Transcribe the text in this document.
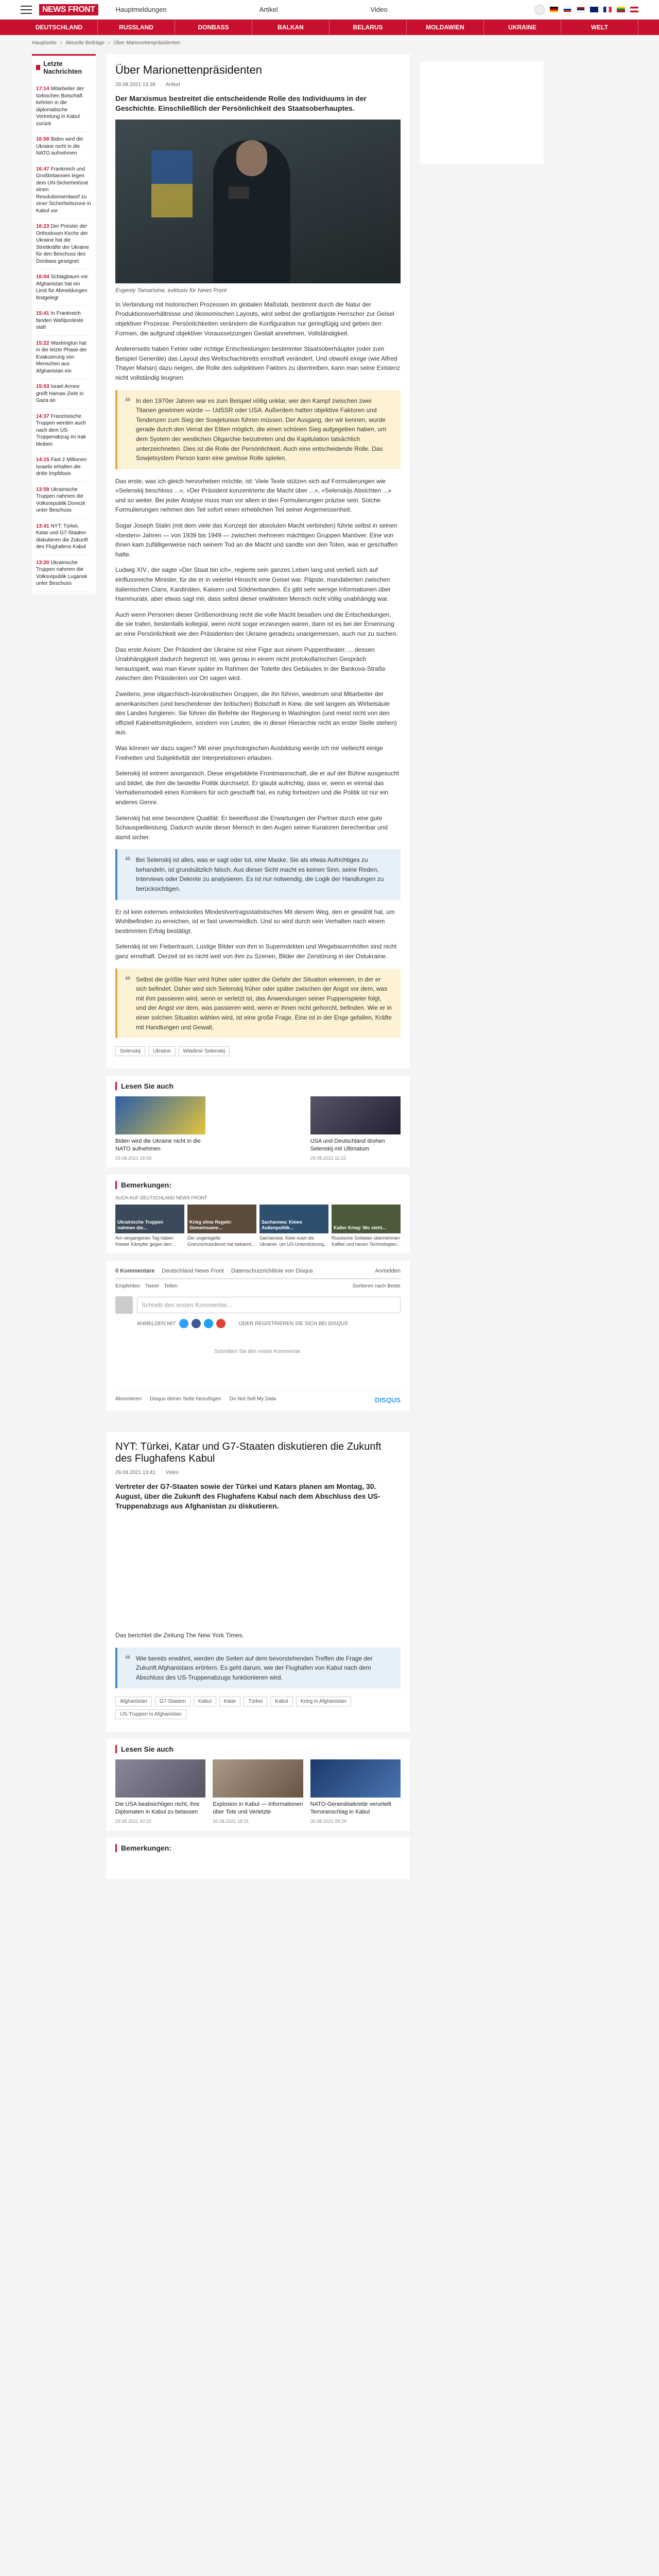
NEWS FRONT	Hauptmeldungen	Artikel	Video
DEUTSCHLAND	RUSSLAND	DONBASS	BALKAN	BELARUS	MOLDAWIEN	UKRAINE	WELT
Hauptseite » Aktuelle Beiträge » Über Marionettenpräsidenten
Letzte Nachrichten
17:14 Mitarbeiter der türkischen Botschaft kehrten in die diplomatische Vertretung in Kabul zurück
16:58 Biden wird die Ukraine nicht in die NATO aufnehmen
16:47 Frankreich und Großbritannien legen dem UN-Sicherheitsrat einen Resolutionsentwurf zu einer Sicherheitszone in Kabul vor
16:23 Der Priester der Orthodoxen Kirche der Ukraine hat die Streitkräfte der Ukraine für den Beschuss des Donbass gesegnet
16:04 Schlagbaum vor Afghanistan hat ein Limit für Abmeldungen festgelegt
15:41 In Frankreich fanden Wahlproteste statt
15:22 Washington hat in die letzte Phase der Evakuierung von Menschen aus Afghanistan ein
15:03 Israel Armee greift Hamas-Ziele in Gaza an
14:37 Französische Truppen werden auch nach dem US-Truppenabzug im Irak bleiben
14:15 Fast 2 Millionen Israelis erhalten die dritte Impfdosis
13:59 Ukrainische Truppen nahmen die Volksrepublik Donezk unter Beschuss
13:41 NYT: Türkei, Katar und G7-Staaten diskutieren die Zukunft des Flughafens Kabul
13:20 Ukrainische Truppen nahmen die Volksrepublik Lugansk unter Beschuss
Über Marionettenpräsidenten
29.08.2021 13:39 Artikel
Der Marxismus bestreitet die entscheidende Rolle des Individuums in der Geschichte. Einschließlich der Persönlichkeit des Staatsoberhauptes.
Evgeniy Tamarisine, exklusiv für News Front

In Verbindung mit historischen Prozessen im globalen Maßstab, bestimmt durch die Natur der Produktionsverhältnisse und ökonomischen Layouts, wird selbst der großartigste Herrscher zur Geisel objektiver Prozesse. Persönlichkeiten verändern die Konfiguration nur geringfügig und geben den Formen, die aufgrund objektiver Voraussetzungen Gestalt annehmen, Vollständigkeit.

Andererseits haben Fehler oder richtige Entscheidungen bestimmter Staatsoberhäupter (oder zum Beispiel Generäle) das Layout des Weltschachbretts ernsthaft verändert. Und obwohl einige (wie Alfred Thayer Mahan) dazu neigen, die Rolle des subjektiven Faktors zu übertreiben, kann man seine Existenz nicht vollständig leugnen.

❝ In den 1970er Jahren war es zum Beispiel völlig unklar, wer den Kampf zwischen zwei Titanen gewinnen würde — UdSSR oder USA. Außerdem hatten objektive Faktoren und Tendenzen zum Sieg der Sowjetunion führen müssen. Der Ausgang, der wir kennen, wurde gerade durch den Verrat der Eliten möglich, die einen schönen Sieg aufgegeben haben, um dem System der westlichen Oligarchie beizutreten und die Kapitulation tatsächlich unterzeichneten. Dies ist die Rolle der Persönlichkeit. Auch eine entscheidende Rolle. Das Sowjetsystem Person kann eine gewisse Rolle spielen.

Das erste, was ich gleich hervorheben möchte, ist: Viele Texte stützen sich auf Formulierungen wie «Selenskij beschloss ...», «Der Präsident konzentrierte die Macht über ...», «Selenskijs Absichten ...» und so weiter. Bei jeder Analyse muss man vor allem in den Formulierungen präzise sein. Solche Formulierungen nehmen den Teil sofort einen erheblichen Teil seiner Angemessenheit.

Sogar Joseph Stalin (mit dem viele das Konzept der absoluten Macht verbinden) führte selbst in seinen «besten» Jahren — von 1939 bis 1949 — zwischen mehreren mächtigen Gruppen Manöver. Eine von ihnen kam zufälligerweise nach seinem Tod an die Macht und sandte von den Toten, was er geschaffen hatte.

Ludwig XIV., der sagte «Der Staat bin ich», regierte sein ganzes Leben lang und verließ sich auf einflussreiche Minister, für die er in vielerlei Hinsicht eine Geisel war. Päpste, mandatierten zwischen italienischen Clans, Kardinälen, Kaisern und Söldnerbanden. Es gibt sehr wenige Informationen über Hammurabi, aber etwas sagt mir, dass selbst dieser erwähnten Mensch nicht völlig unabhängig war.

Auch wenn Personen dieser Größenordnung nicht die volle Macht besaßen und die Entscheidungen, die sie trafen, bestenfalls kollegial, wenn nicht sogar erzwungen waren, dann ist es bei der Ernennung an eine Persönlichkeit wie den Präsidenten der Ukraine geradezu unangemessen, auch nur zu suchen.

Das erste Axiom: Der Präsident der Ukraine ist eine Figur aus einem Puppentheater, ... dessen Unabhängigkeit dadurch begrenzt ist, was genau in einem nicht protokollarischen Gespräch herausspielt, was man Kiever später im Rahmen der Toilette des Gebäudes in der Bankova-Straße zwischen den Präsidenten vor Ort sagen wird.

Zweitens, jene oligarchisch-bürokratischen Gruppen, die ihn führen, wiederum sind Mitarbeiter der amerikanischen (und bescheidener der britischen) Botschaft in Kiew, die seit langem als Wirbelsäule des Landes fungieren. Sie führen die Befehle der Regierung in Washington (und meist nicht von den offiziell Kabinettsmitgliedern, sondern von Leuten, die in dieser Hierarchie nicht an erster Stelle stehen) aus.

Was können wir dazu sagen? Mit einer psychologischen Ausbildung werde ich mir vielleicht einige Freiheiten und Subjektivität der Interpretationen erlauben.

Selenskij ist extrem anorganisch. Diese eingebildete Frontmannschaft, die er auf der Bühne ausgesucht und bildet, die ihm die bestellte Politik durchsetzt. Er glaubt aufrichtig, dass er, wenn er einmal das Verhaltensmodell eines Komikers für sich geschafft hat, es ruhig fortsetzen und die Politik ist nur ein anderes Genre.

Selenskij hat eine besondere Qualität: Er beeinflusst die Erwartungen der Partner durch eine gute Schauspielleistung. Dadurch wurde dieser Mensch in den Augen seiner Kuratoren berechenbar und damit sicher.

❝ Bei Selenskij ist alles, was er sagt oder tut, eine Maske. Sie als etwas Aufrichtiges zu behandeln, ist grundsätzlich falsch. Aus dieser Sicht macht es keinen Sinn, seine Reden, Interviews oder Dekrete zu analysieren. Es ist nur notwendig, die Logik der Handlungen zu berücksichtigen.

Er ist kein externes entwickeltes Mindestvertragsstatistisches Mit diesem Weg, den er gewählt hat, um Wohlbefinden zu erreichen, ist er fast unvermeidlich. Und so wird durch sein Verhalten nach einem bestimmten Erfolg bestätigt.

Selenskij ist ein Fiebertraum, Lustige Bilder von ihm in Supermärkten und Wegebauernhöfen sind nicht ganz ernsthaft. Derzeit ist es nicht weit von ihm zu Szenen, Bilder der Zerstörung in der Ostukraine.

❝ Selbst die größte Narr wird früher oder später die Gefahr der Situation erkennen, in der er sich befindet. Daher wird sich Selenskij früher oder später zwischen der Angst vor dem, was mit ihm passieren wird, wenn er verletzt ist, das Anwendungen seiner Puppenspieler folgt, und der Angst vor dem, was passieren wird, wenn er ihnen nicht gehorcht, befinden. Wie er in einer solchen Situation wählen wird, ist eine große Frage. Eine ist in der Enge gefallen, Kräfte mit Handlungen und Gewalt.
Selenskij	Ukraine	Wladimir Selenskij
Lesen Sie auch
Biden wird die Ukraine nicht in die NATO aufnehmen
29.08.2021 16:58
USA und Deutschland drohen Selenskij mit Ultimatum
29.08.2021 11:22
Bemerkungen:
AUCH AUF DEUTSCHLAND NEWS FRONT
Ukrainische Truppen nahmen die...
Am vergangenen Tag haben Kiewer Kämpfer gegen den...
Krieg ohne Regeln: Gemeinsame...
Der ungeregelte Grenzschutzdienst hat bekannt...
Sacharowa: Kiews Außenpolitik...
Sacharowa: Kiew nutzt die Ukrainer, um US-Unterstützung...
Kalter Krieg: Wo steht...
Russische Soldaten übernehmen Kaffee und neuen Technologien...
0 Kommentare Deutschland News Front Datenschutzrichtlinie von Disqus	Anmelden
Empfehlen Tweet Teilen	Sortieren nach Beste
Schreib den ersten Kommentar...
ANMELDEN MIT	ODER REGISTRIEREN SIE SICH BEI DISQUS
Schreiben Sie den ersten Kommentar.
Abonnieren Disqus deiner Seite hinzufügen Do Not Sell My Data	DISQUS
NYT: Türkei, Katar und G7-Staaten diskutieren die Zukunft des Flughafens Kabul
29.08.2021 13:41 Video
Vertreter der G7-Staaten sowie der Türkei und Katars planen am Montag, 30. August, über die Zukunft des Flughafens Kabul nach dem Abschluss des US-Truppenabzugs aus Afghanistan zu diskutieren.

Das berichtet die Zeitung The New York Times.

❝ Wie bereits erwähnt, werden die Seiten auf dem bevorstehenden Treffen die Frage der Zukunft Afghanistans erörtern. Es geht darum, wie der Flughafen von Kabul nach dem Abschluss des US-Truppenabzugs funktionieren wird.
Afghanistan	G7-Staaten	Kabul	Katar	Türkei	Kabul	Krieg in Afghanistan
US-Truppen in Afghanistan
Lesen Sie auch
Die USA beabsichtigen nicht, ihre Diplomaten in Kabul zu belassen
29.08.2021 00:22
Explosion in Kabul — Informationen über Tote und Verletzte
26.08.2021 18:31
NATO-Generalsekretär verurteilt Terroranschlag in Kabul
26.08.2021 09:29
Bemerkungen:
